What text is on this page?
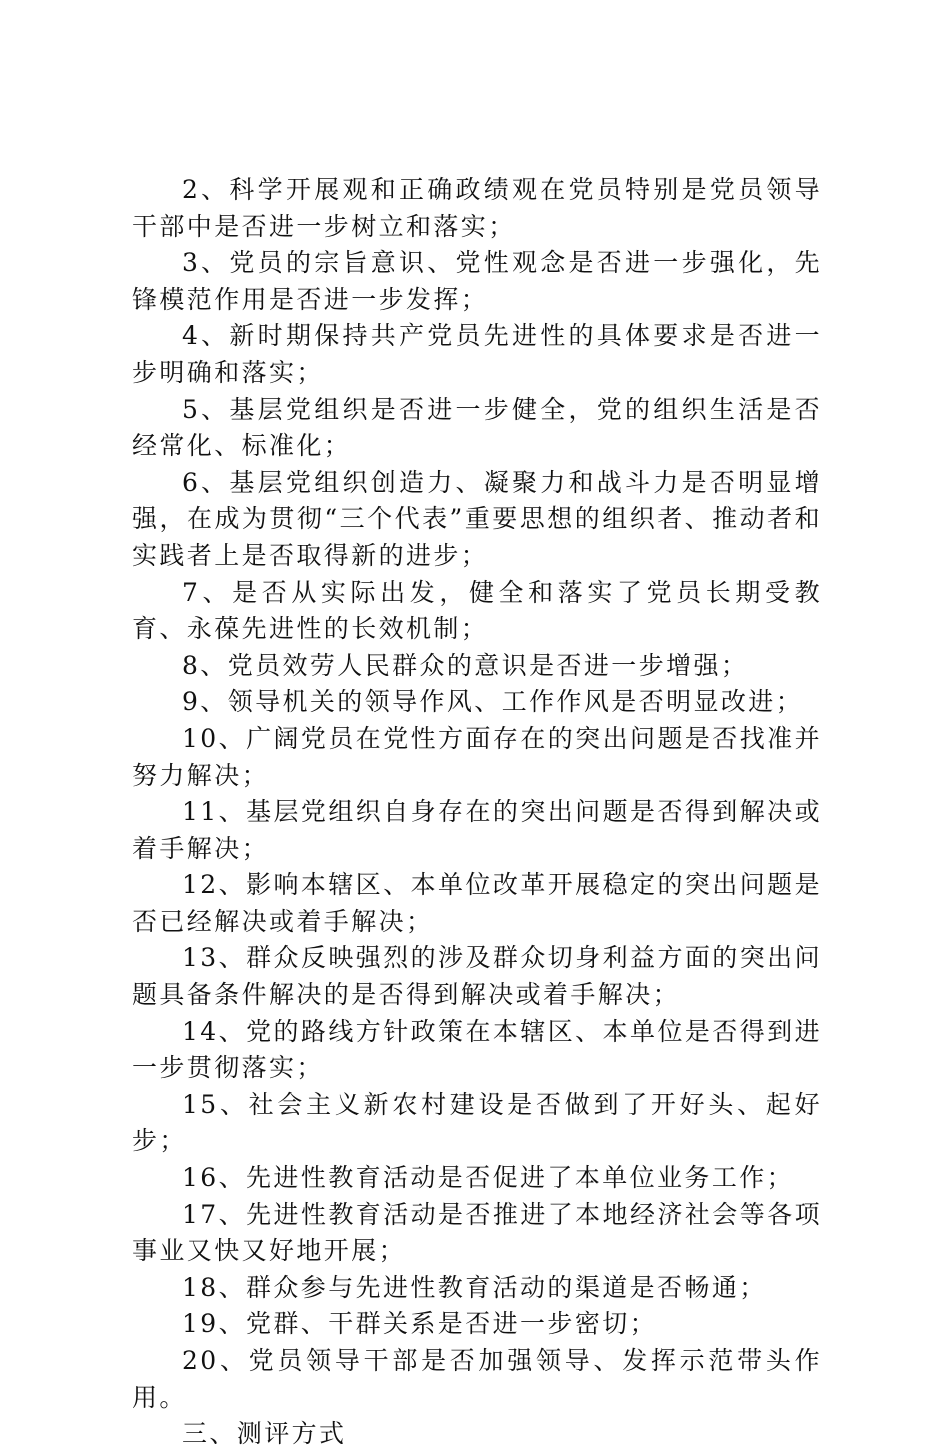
2、科学开展观和正确政绩观在党员特别是党员领导干部中是否进一步树立和落实；

3、党员的宗旨意识、党性观念是否进一步强化，先锋模范作用是否进一步发挥；

4、新时期保持共产党员先进性的具体要求是否进一步明确和落实；

5、基层党组织是否进一步健全，党的组织生活是否经常化、标准化；

6、基层党组织创造力、凝聚力和战斗力是否明显增强，在成为贯彻“三个代表”重要思想的组织者、推动者和实践者上是否取得新的进步；

7、是否从实际出发，健全和落实了党员长期受教育、永葆先进性的长效机制；

8、党员效劳人民群众的意识是否进一步增强；

9、领导机关的领导作风、工作作风是否明显改进；

10、广阔党员在党性方面存在的突出问题是否找准并努力解决；

11、基层党组织自身存在的突出问题是否得到解决或着手解决；

12、影响本辖区、本单位改革开展稳定的突出问题是否已经解决或着手解决；

13、群众反映强烈的涉及群众切身利益方面的突出问题具备条件解决的是否得到解决或着手解决；

14、党的路线方针政策在本辖区、本单位是否得到进一步贯彻落实；

15、社会主义新农村建设是否做到了开好头、起好步；

16、先进性教育活动是否促进了本单位业务工作；

17、先进性教育活动是否推进了本地经济社会等各项事业又快又好地开展；

18、群众参与先进性教育活动的渠道是否畅通；

19、党群、干群关系是否进一步密切；

20、党员领导干部是否加强领导、发挥示范带头作用。

三、测评方式
